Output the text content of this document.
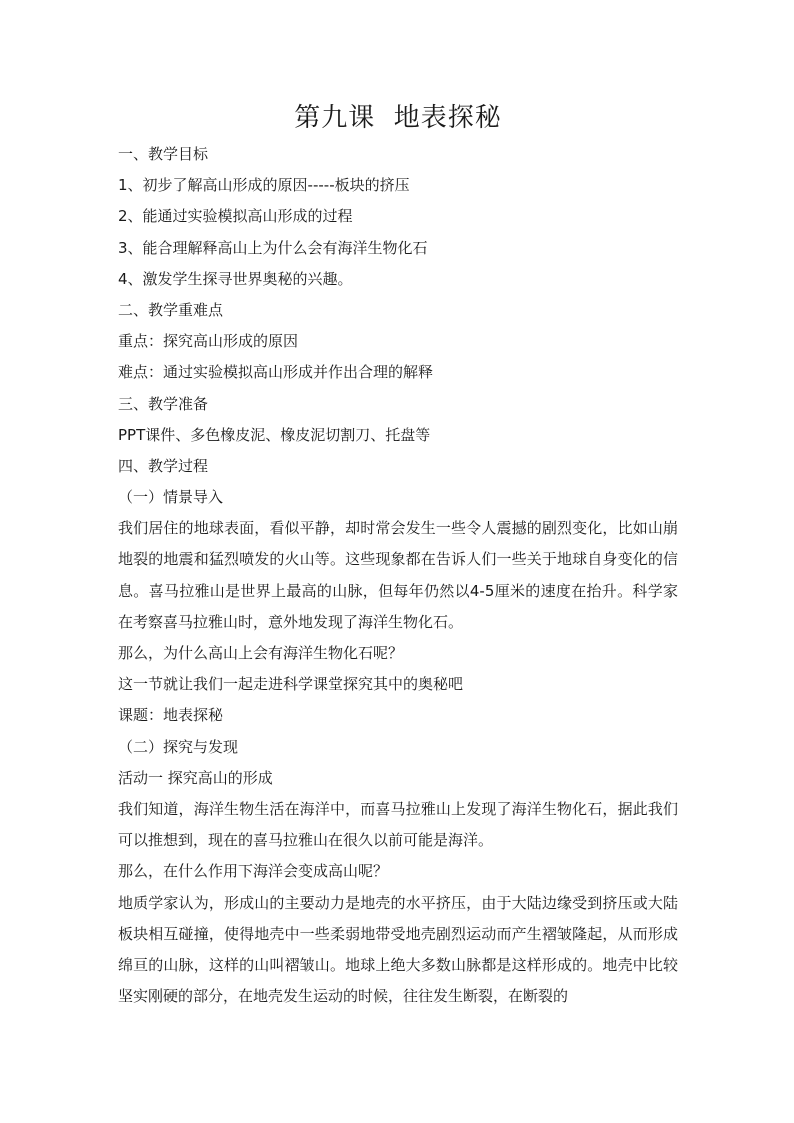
第九课  地表探秘
一、教学目标
1、初步了解高山形成的原因-----板块的挤压
2、能通过实验模拟高山形成的过程
3、能合理解释高山上为什么会有海洋生物化石
4、激发学生探寻世界奥秘的兴趣。
二、教学重难点
重点：探究高山形成的原因
难点：通过实验模拟高山形成并作出合理的解释
三、教学准备
PPT课件、多色橡皮泥、橡皮泥切割刀、托盘等
四、教学过程
（一）情景导入

我们居住的地球表面，看似平静，却时常会发生一些令人震撼的剧烈变化，比如山崩地裂的地震和猛烈喷发的火山等。这些现象都在告诉人们一些关于地球自身变化的信息。喜马拉雅山是世界上最高的山脉，但每年仍然以4-5厘米的速度在抬升。科学家在考察喜马拉雅山时，意外地发现了海洋生物化石。

那么，为什么高山上会有海洋生物化石呢？
这一节就让我们一起走进科学课堂探究其中的奥秘吧
课题：地表探秘
（二）探究与发现
活动一 探究高山的形成

我们知道，海洋生物生活在海洋中，而喜马拉雅山上发现了海洋生物化石，据此我们可以推想到，现在的喜马拉雅山在很久以前可能是海洋。

那么，在什么作用下海洋会变成高山呢？

地质学家认为，形成山的主要动力是地壳的水平挤压，由于大陆边缘受到挤压或大陆板块相互碰撞，使得地壳中一些柔弱地带受地壳剧烈运动而产生褶皱隆起，从而形成绵亘的山脉，这样的山叫褶皱山。地球上绝大多数山脉都是这样形成的。地壳中比较坚实刚硬的部分，在地壳发生运动的时候，往往发生断裂，在断裂的
